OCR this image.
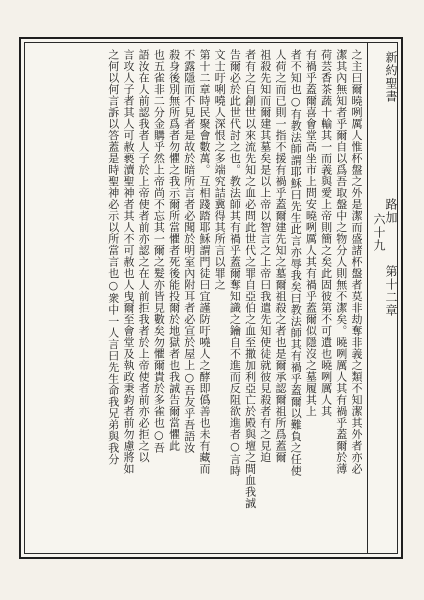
新約聖書 路加 第十二章 六十九
之主曰爾曉咧厲人惟杯盤之外是潔而盛諸杯盤者莫非劫奪非義之類不知潔其外者亦必
潔其內無知者乎爾自以爲吾取盤中之物分人則無不潔矣。曉咧厲人其有禍乎蓋爾於薄
荷芸香茶蔬十輸其一而義與愛上帝則簡之矣此固彼第不可遺也曉咧厲人其
有禍乎蓋爾喜會堂高坐市上問安曉咧厲人其有禍乎蓋爾似隱沒之墓履其上
者不知也○有教法師謂耶穌曰先生此言亦辱我矣曰教法師其有禍乎蓋爾以難負之任使
人荷之而已則一指不援有禍乎蓋爾建先知之墓爾祖殺之者也是爾承認爾祖所爲蓋爾
祖殺先知而爾建其墓矣是以上帝以智言之上帝曰我遣先知使徒就彼見殺者有之見迫
者有之自創世以來流先知之血必問此世代之罪自亞伯之血至撒加利亞亡於殿與壇之間血我誠
告爾必於此世代討之也。教法師其有禍乎蓋爾奪知識之鑰自不進而反阻欲進者○言時
文士吁唎嘵人深恨之多端究詰冀得其所言以罪之
第十二章時民聚會數萬。互相踐踏耶穌謂門徒曰宜謹防吁嘵人之酵即僞善也未有藏而
不露隱而不見者是故於暗所言者必聞於明室內附耳者必宣於屋上○吾友乎吾語汝
殺身後別無所爲者勿懼之我示爾所當懼者死後能投爾於地獄者也我誠告爾當懼此
也五雀非二分金購乎然上帝尚不忘其一爾之髮亦皆見數矣勿懼爾貴於多雀也○吾
語汝在人前認我者人子於上帝使者前亦認之在人前拒我者於上帝使者前亦必拒之以
言攻人子者其人可赦褻瀆聖神者其人不可赦也人曳爾至會堂及執政秉鈞者前勿慮將如
之何以何言訴以答蓋是時聖神必示以所當言也○衆中一人言曰先生命我兄弟與我分
